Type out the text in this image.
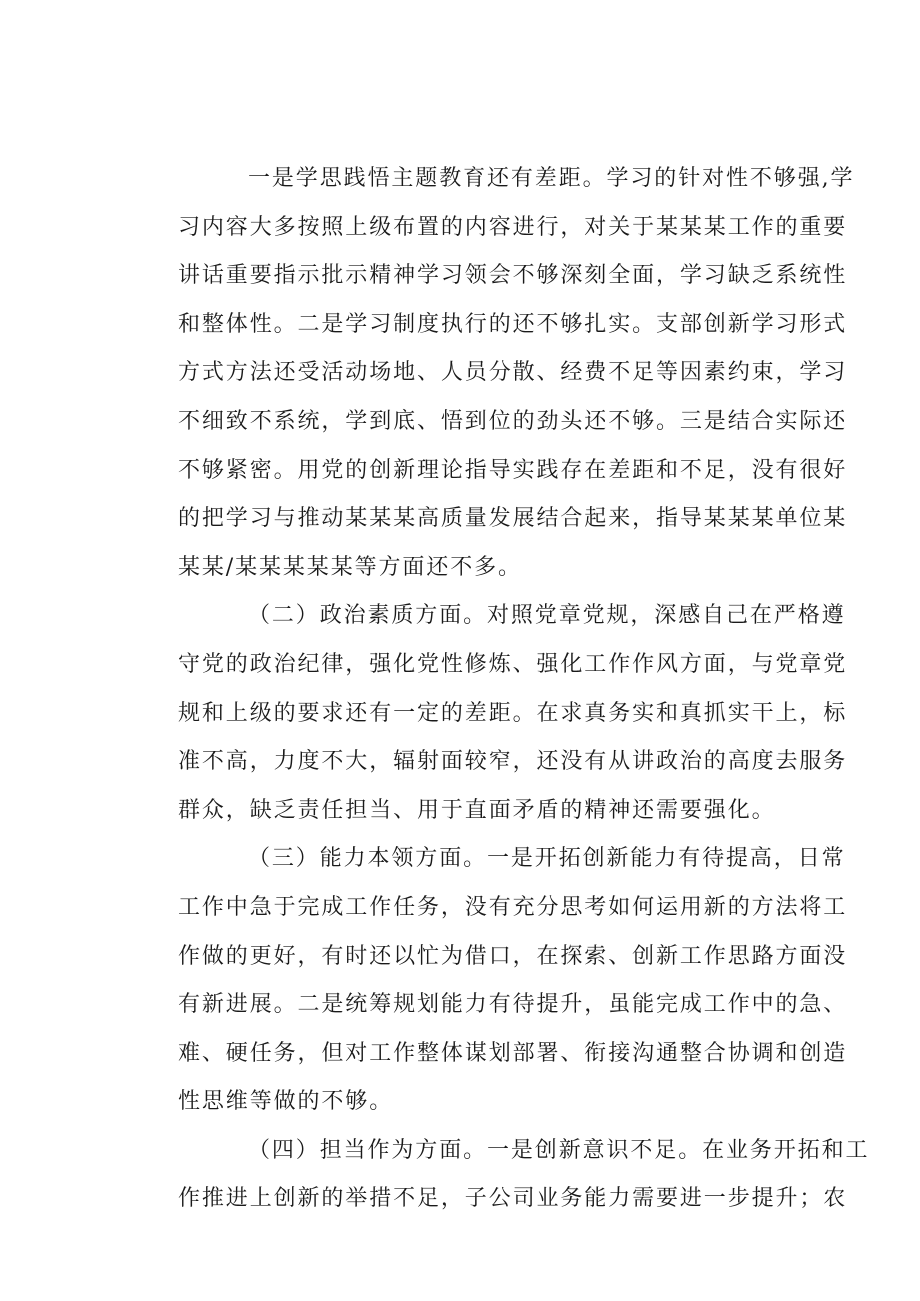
一是学思践悟主题教育还有差距。学习的针对性不够强,学
习内容大多按照上级布置的内容进行，对关于某某某工作的重要
讲话重要指示批示精神学习领会不够深刻全面，学习缺乏系统性
和整体性。二是学习制度执行的还不够扎实。支部创新学习形式
方式方法还受活动场地、人员分散、经费不足等因素约束，学习
不细致不系统，学到底、悟到位的劲头还不够。三是结合实际还
不够紧密。用党的创新理论指导实践存在差距和不足，没有很好
的把学习与推动某某某高质量发展结合起来，指导某某某单位某
某某/某某某某某等方面还不多。
（二）政治素质方面。对照党章党规，深感自己在严格遵
守党的政治纪律，强化党性修炼、强化工作作风方面，与党章党
规和上级的要求还有一定的差距。在求真务实和真抓实干上，标
准不高，力度不大，辐射面较窄，还没有从讲政治的高度去服务
群众，缺乏责任担当、用于直面矛盾的精神还需要强化。
（三）能力本领方面。一是开拓创新能力有待提高，日常
工作中急于完成工作任务，没有充分思考如何运用新的方法将工
作做的更好，有时还以忙为借口，在探索、创新工作思路方面没
有新进展。二是统筹规划能力有待提升，虽能完成工作中的急、
难、硬任务，但对工作整体谋划部署、衔接沟通整合协调和创造
性思维等做的不够。
（四）担当作为方面。一是创新意识不足。在业务开拓和工
作推进上创新的举措不足，子公司业务能力需要进一步提升；农
